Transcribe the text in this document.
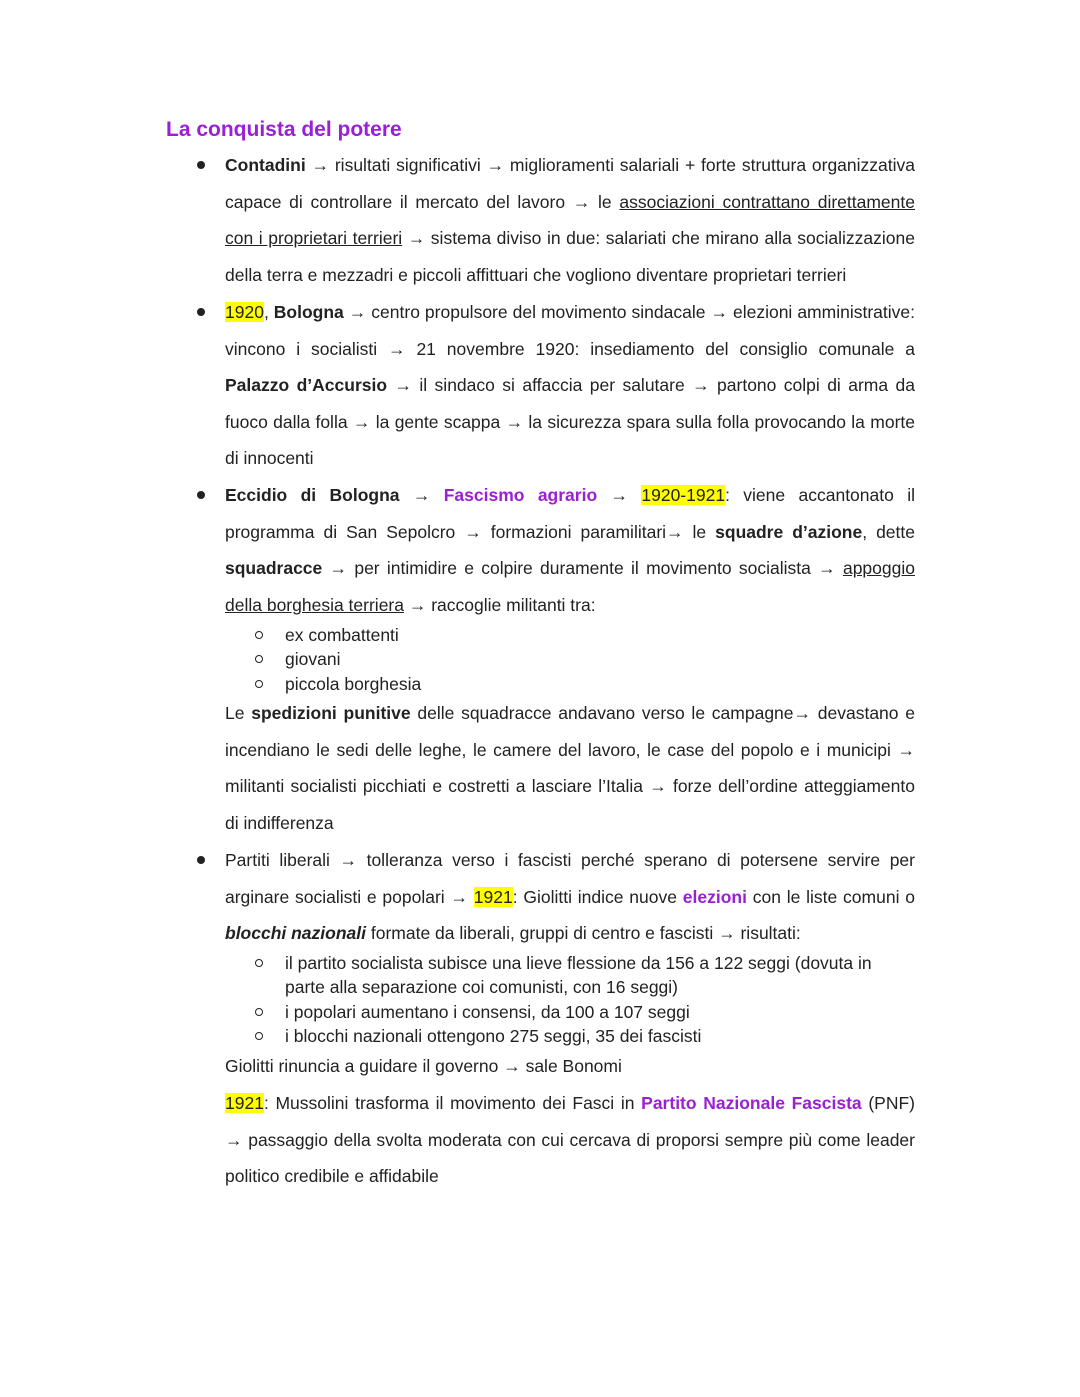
La conquista del potere
Contadini → risultati significativi → miglioramenti salariali + forte struttura organizzativa capace di controllare il mercato del lavoro → le associazioni contrattano direttamente con i proprietari terrieri → sistema diviso in due: salariati che mirano alla socializzazione della terra e mezzadri e piccoli affittuari che vogliono diventare proprietari terrieri
1920, Bologna → centro propulsore del movimento sindacale → elezioni amministrative: vincono i socialisti → 21 novembre 1920: insediamento del consiglio comunale a Palazzo d’Accursio → il sindaco si affaccia per salutare → partono colpi di arma da fuoco dalla folla → la gente scappa → la sicurezza spara sulla folla provocando la morte di innocenti
Eccidio di Bologna → Fascismo agrario → 1920-1921: viene accantonato il programma di San Sepolcro → formazioni paramilitari→ le squadre d’azione, dette squadracce → per intimidire e colpire duramente il movimento socialista → appoggio della borghesia terriera → raccoglie militanti tra:
ex combattenti
giovani
piccola borghesia
Le spedizioni punitive delle squadracce andavano verso le campagne→ devastano e incendiano le sedi delle leghe, le camere del lavoro, le case del popolo e i municipi → militanti socialisti picchiati e costretti a lasciare l’Italia → forze dell’ordine atteggiamento di indifferenza
Partiti liberali → tolleranza verso i fascisti perché sperano di potersene servire per arginare socialisti e popolari → 1921: Giolitti indice nuove elezioni con le liste comuni o blocchi nazionali formate da liberali, gruppi di centro e fascisti → risultati:
il partito socialista subisce una lieve flessione da 156 a 122 seggi (dovuta in parte alla separazione coi comunisti, con 16 seggi)
i popolari aumentano i consensi, da 100 a 107 seggi
i blocchi nazionali ottengono 275 seggi, 35 dei fascisti
Giolitti rinuncia a guidare il governo → sale Bonomi
1921: Mussolini trasforma il movimento dei Fasci in Partito Nazionale Fascista (PNF) → passaggio della svolta moderata con cui cercava di proporsi sempre più come leader politico credibile e affidabile
